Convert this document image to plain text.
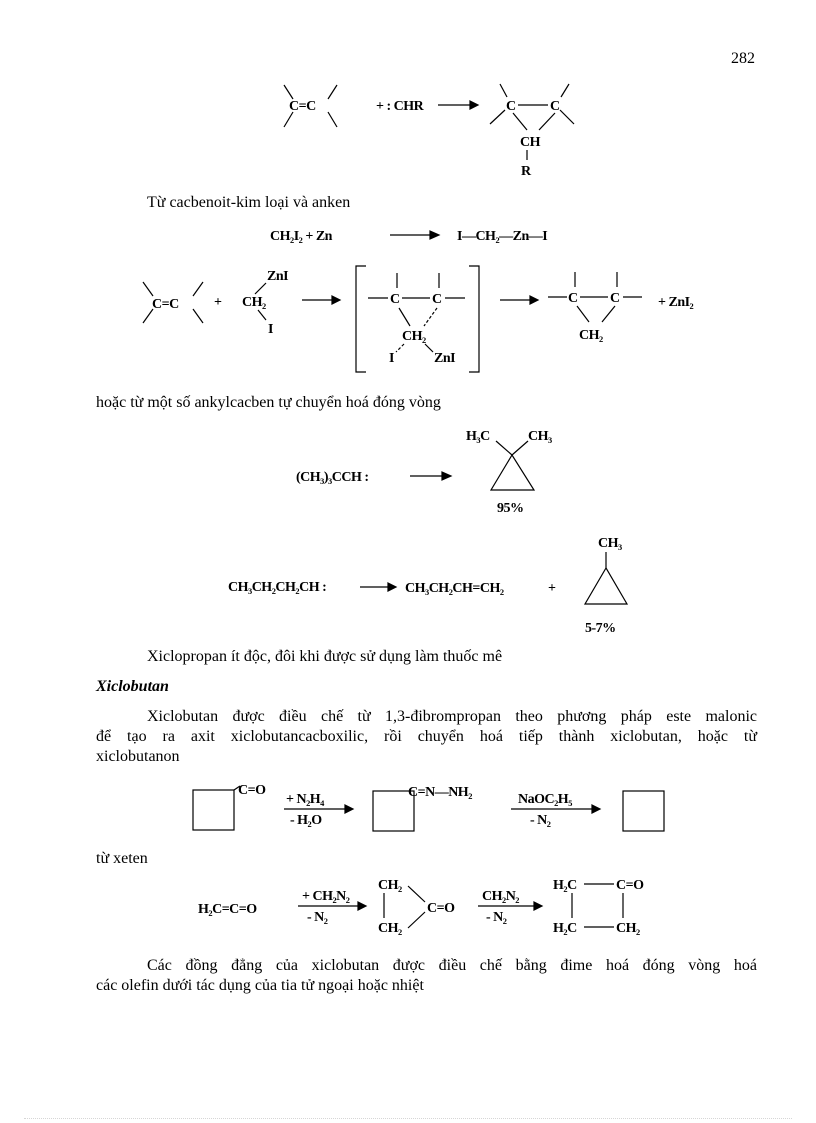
282
C=C	+ : CHR	C C
CH
R
Từ cacbenoit-kim loại và anken
CH₂I₂ + Zn	I—CH₂—Zn—I
C=C	+
ZnI
CH₂
I
C C
CH₂
I	ZnI
C C
CH₂
+ ZnI₂
hoặc từ một số ankylcacben tự chuyển hoá đóng vòng
(CH₃)₃CCH :
H₃C	CH₃
95%
CH₃CH₂CH₂CH :	CH₃CH₂CH=CH₂	+
CH₃
5-7%
Xiclopropan ít độc, đôi khi được sử dụng làm thuốc mê
Xiclobutan
Xiclobutan được điều chế từ 1,3-đibrompropan theo phương pháp este malonic
để tạo ra axit xiclobutancacboxilic, rồi chuyển hoá tiếp thành xiclobutan, hoặc từ
xiclobutanon
C=O
+ N₂H₄
- H₂O
C=N—NH₂	NaOC₂H₅
- N₂
từ xeten
H₂C=C=O
+ CH₂N₂
- N₂
CH₂
CH₂
C=O
CH₂N₂
- N₂
H₂C	C=O
H₂C	CH₂
Các đồng đẳng của xiclobutan được điều chế bằng đime hoá đóng vòng hoá
các olefin dưới tác dụng của tia tử ngoại hoặc nhiệt
